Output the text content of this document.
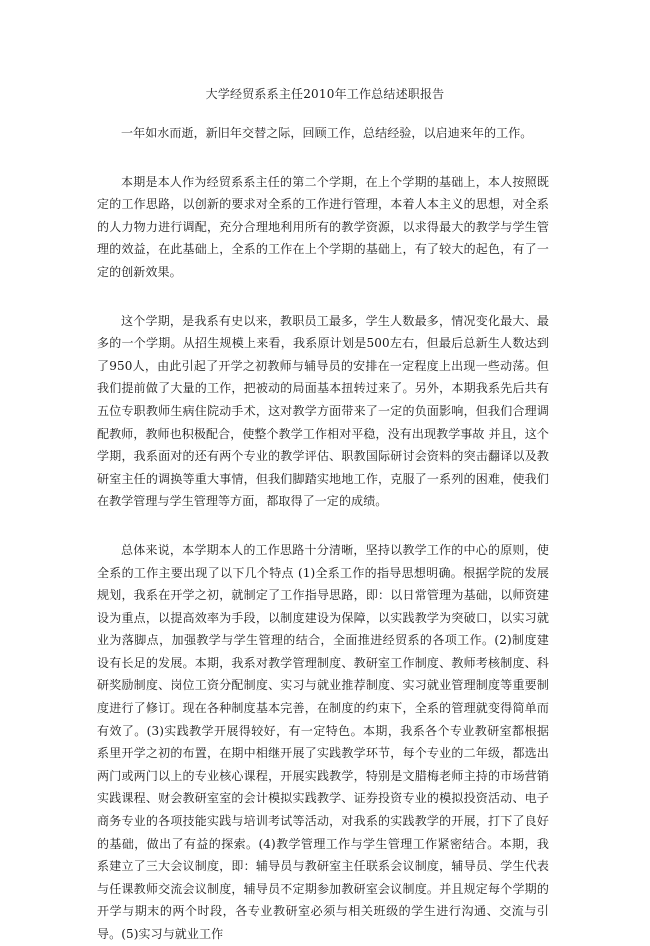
大学经贸系系主任2010年工作总结述职报告

一年如水而逝，新旧年交替之际，回顾工作，总结经验，以启迪来年的工作。

本期是本人作为经贸系系主任的第二个学期，在上个学期的基础上，本人按照既定的工作思路，以创新的要求对全系的工作进行管理，本着人本主义的思想，对全系的人力物力进行调配，充分合理地利用所有的教学资源，以求得最大的教学与学生管理的效益，在此基础上，全系的工作在上个学期的基础上，有了较大的起色，有了一定的创新效果。

这个学期，是我系有史以来，教职员工最多，学生人数最多，情况变化最大、最多的一个学期。从招生规模上来看，我系原计划是500左右，但最后总新生人数达到了950人，由此引起了开学之初教师与辅导员的安排在一定程度上出现一些动荡。但我们提前做了大量的工作，把被动的局面基本扭转过来了。另外，本期我系先后共有五位专职教师生病住院动手术，这对教学方面带来了一定的负面影响，但我们合理调配教师，教师也积极配合，使整个教学工作相对平稳，没有出现教学事故 并且，这个学期，我系面对的还有两个专业的教学评估、职教国际研讨会资料的突击翻译以及教研室主任的调换等重大事情，但我们脚踏实地地工作，克服了一系列的困难，使我们在教学管理与学生管理等方面，都取得了一定的成绩。

总体来说，本学期本人的工作思路十分清晰，坚持以教学工作的中心的原则，使全系的工作主要出现了以下几个特点 (1)全系工作的指导思想明确。根据学院的发展规划，我系在开学之初，就制定了工作指导思路，即：以日常管理为基础，以师资建设为重点，以提高效率为手段，以制度建设为保障，以实践教学为突破口，以实习就业为落脚点，加强教学与学生管理的结合，全面推进经贸系的各项工作。(2)制度建设有长足的发展。本期，我系对教学管理制度、教研室工作制度、教师考核制度、科研奖励制度、岗位工资分配制度、实习与就业推荐制度、实习就业管理制度等重要制度进行了修订。现在各种制度基本完善，在制度的约束下，全系的管理就变得简单而有效了。(3)实践教学开展得较好，有一定特色。本期，我系各个专业教研室都根据系里开学之初的布置，在期中相继开展了实践教学环节，每个专业的二年级，都选出两门或两门以上的专业核心课程，开展实践教学，特别是文腊梅老师主持的市场营销实践课程、财会教研室室的会计模拟实践教学、证券投资专业的模拟投资活动、电子商务专业的各项技能实践与培训考试等活动，对我系的实践教学的开展，打下了良好的基础，做出了有益的探索。(4)教学管理工作与学生管理工作紧密结合。本期，我系建立了三大会议制度，即：辅导员与教研室主任联系会议制度，辅导员、学生代表与任课教师交流会议制度，辅导员不定期参加教研室会议制度。并且规定每个学期的开学与期末的两个时段，各专业教研室必须与相关班级的学生进行沟通、交流与引导。(5)实习与就业工作
